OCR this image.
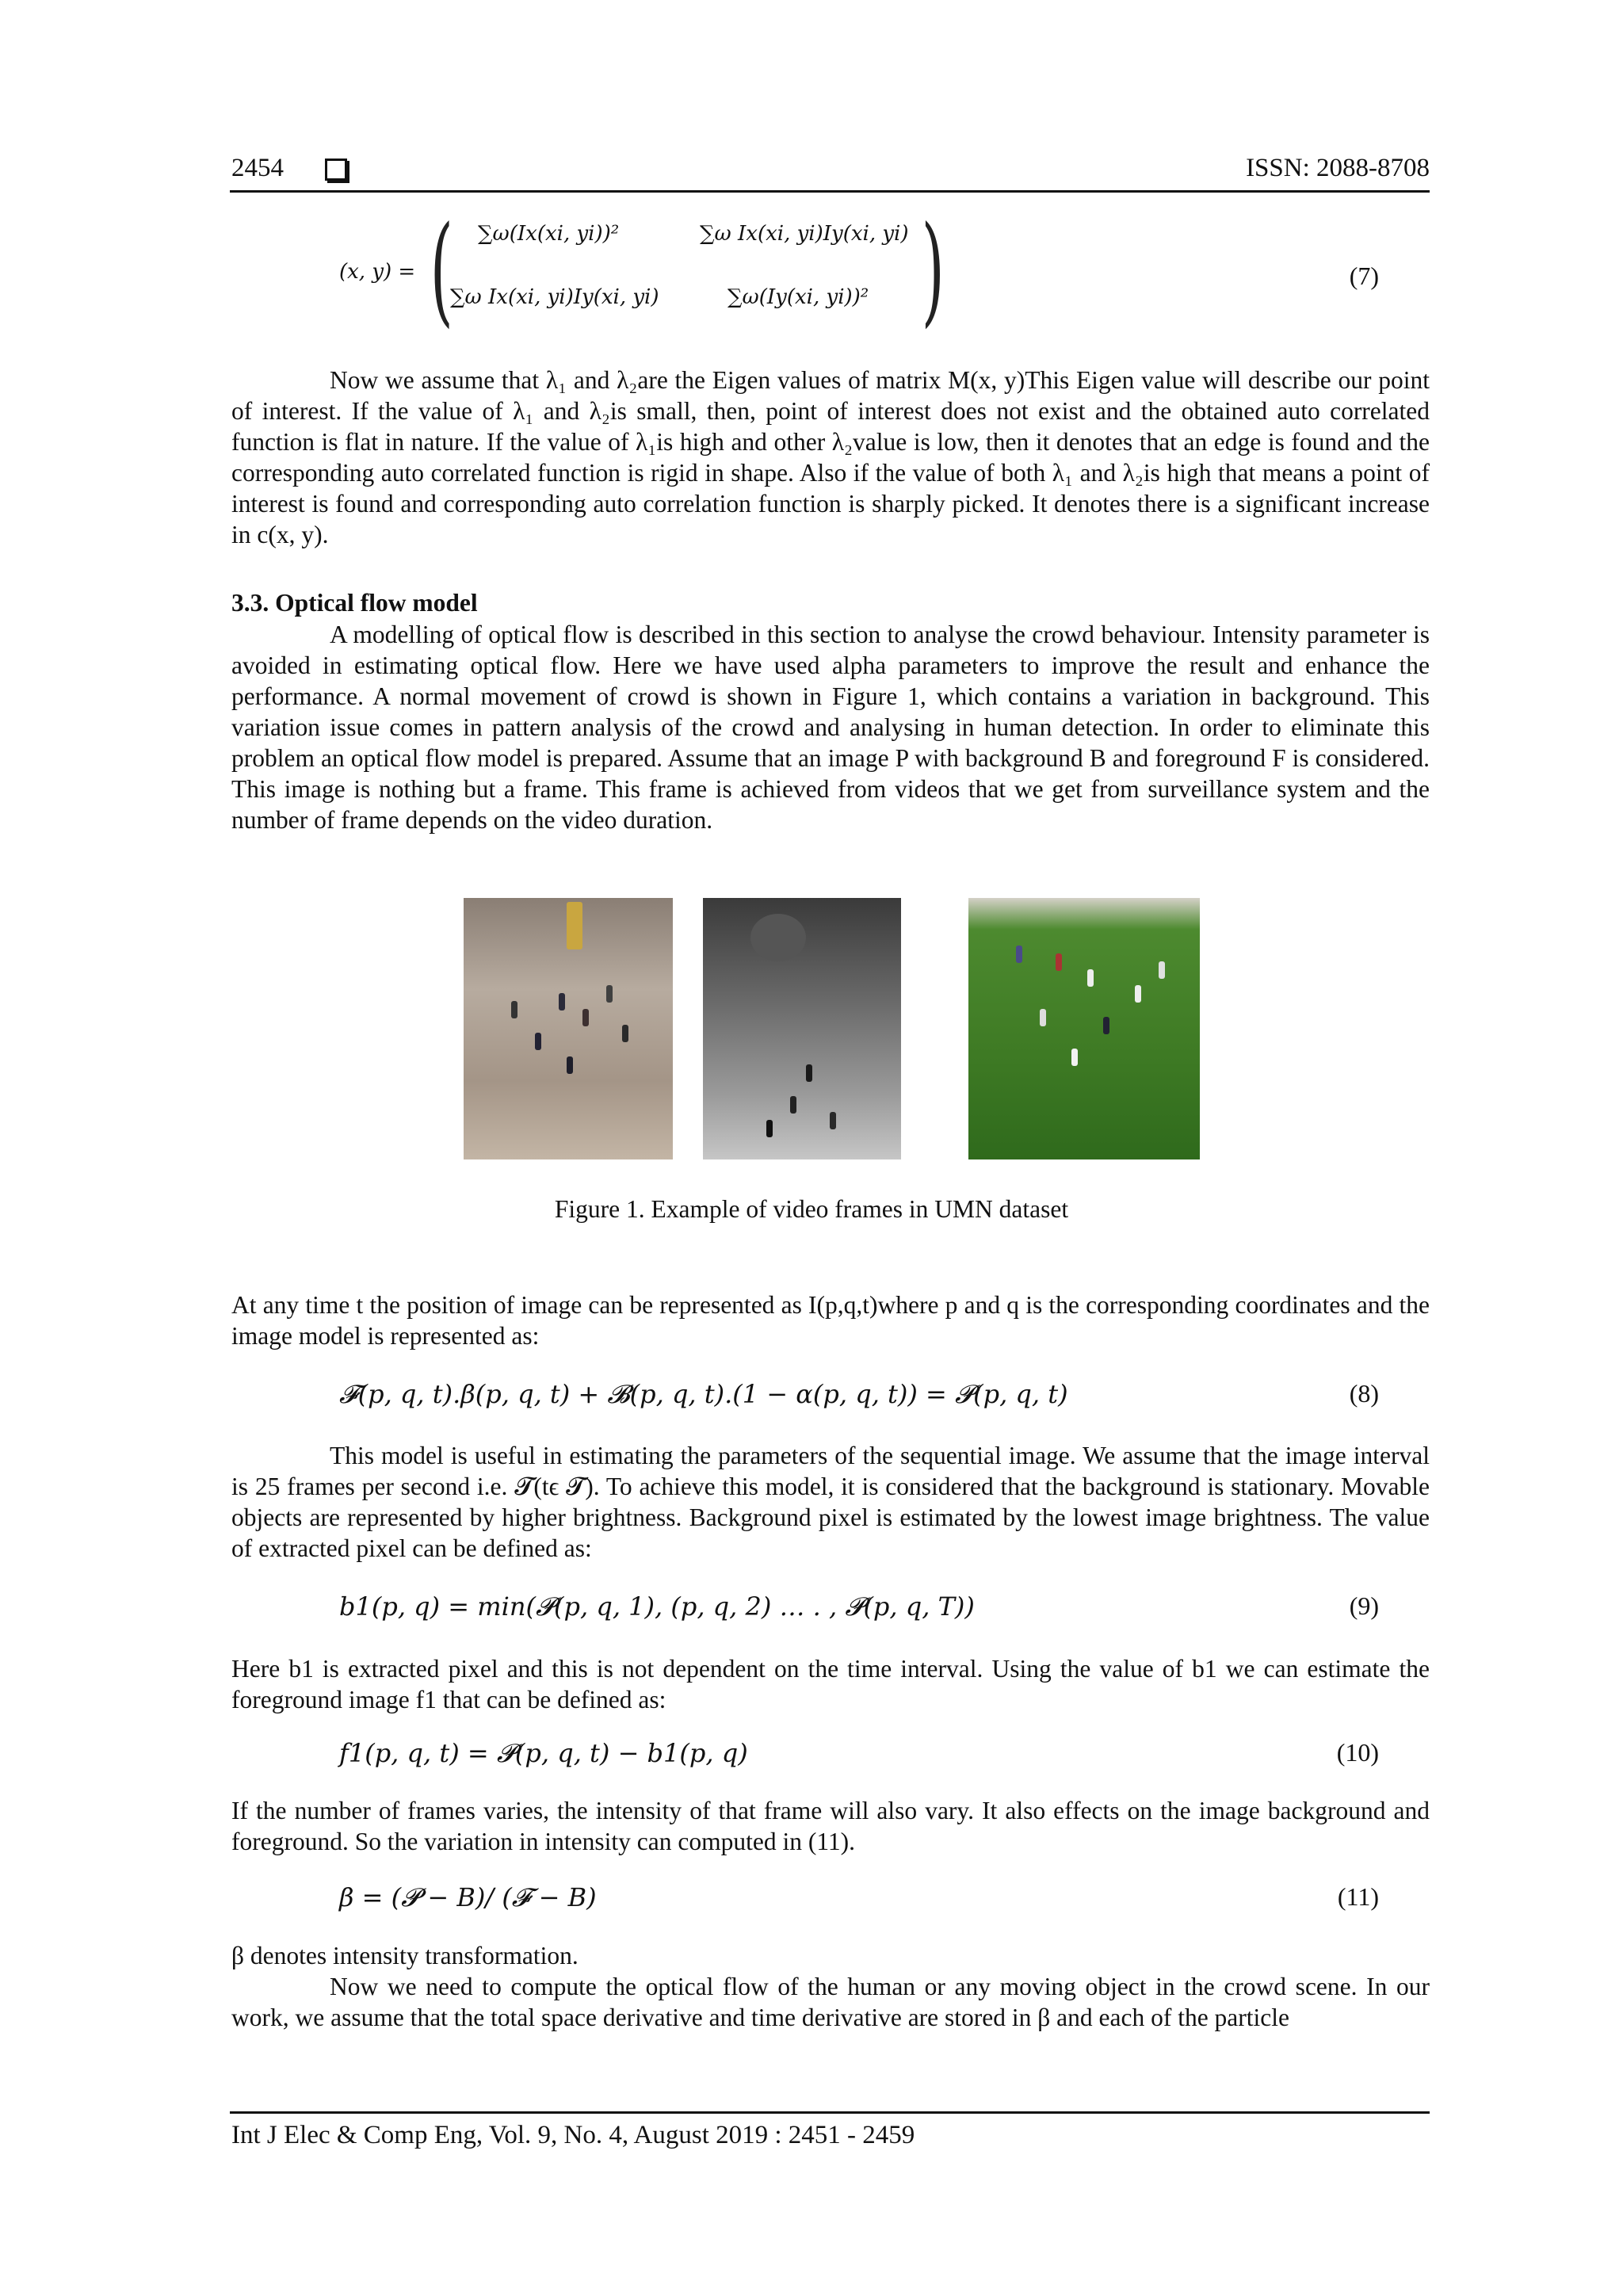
2454	ISSN: 2088-8708
(x, y) = ( ∑ω(Ix(xi, yi))²	∑ω Ix(xi, yi)Iy(xi, yi)
∑ω Ix(xi, yi)Iy(xi, yi)	∑ω(Iy(xi, yi))² )	(7)
Now we assume that λ₁ and λ₂are the Eigen values of matrix M(x, y)This Eigen value will describe our point of interest. If the value of λ₁ and λ₂is small, then, point of interest does not exist and the obtained auto correlated function is flat in nature. If the value of λ₁is high and other λ₂value is low, then it denotes that an edge is found and the corresponding auto correlated function is rigid in shape. Also if the value of both λ₁ and λ₂is high that means a point of interest is found and corresponding auto correlation function is sharply picked. It denotes there is a significant increase in c(x, y).
3.3. Optical flow model
A modelling of optical flow is described in this section to analyse the crowd behaviour. Intensity parameter is avoided in estimating optical flow. Here we have used alpha parameters to improve the result and enhance the performance. A normal movement of crowd is shown in Figure 1, which contains a variation in background. This variation issue comes in pattern analysis of the crowd and analysing in human detection. In order to eliminate this problem an optical flow model is prepared. Assume that an image P with background B and foreground F is considered. This image is nothing but a frame. This frame is achieved from videos that we get from surveillance system and the number of frame depends on the video duration.
Figure 1. Example of video frames in UMN dataset
At any time t the position of image can be represented as I(p,q,t)where p and q is the corresponding coordinates and the image model is represented as:
𝓕(p, q, t).β(p, q, t) + 𝓑(p, q, t).(1 − α(p, q, t)) = 𝓟(p, q, t)	(8)
This model is useful in estimating the parameters of the sequential image. We assume that the image interval is 25 frames per second i.e. 𝓣(tϵ 𝓣). To achieve this model, it is considered that the background is stationary. Movable objects are represented by higher brightness. Background pixel is estimated by the lowest image brightness. The value of extracted pixel can be defined as:
b1(p, q) = min(𝓟(p, q, 1), (p, q, 2) … . , 𝓟(p, q, T))	(9)
Here b1 is extracted pixel and this is not dependent on the time interval. Using the value of b1 we can estimate the foreground image f1 that can be defined as:
f1(p, q, t) = 𝓟(p, q, t) − b1(p, q)	(10)
If the number of frames varies, the intensity of that frame will also vary. It also effects on the image background and foreground. So the variation in intensity can computed in (11).
β = (𝓟 − B)/ (𝓕 − B)	(11)
β denotes intensity transformation.
Now we need to compute the optical flow of the human or any moving object in the crowd scene. In our work, we assume that the total space derivative and time derivative are stored in β and each of the particle
Int J Elec & Comp Eng, Vol. 9, No. 4, August 2019 : 2451 - 2459
